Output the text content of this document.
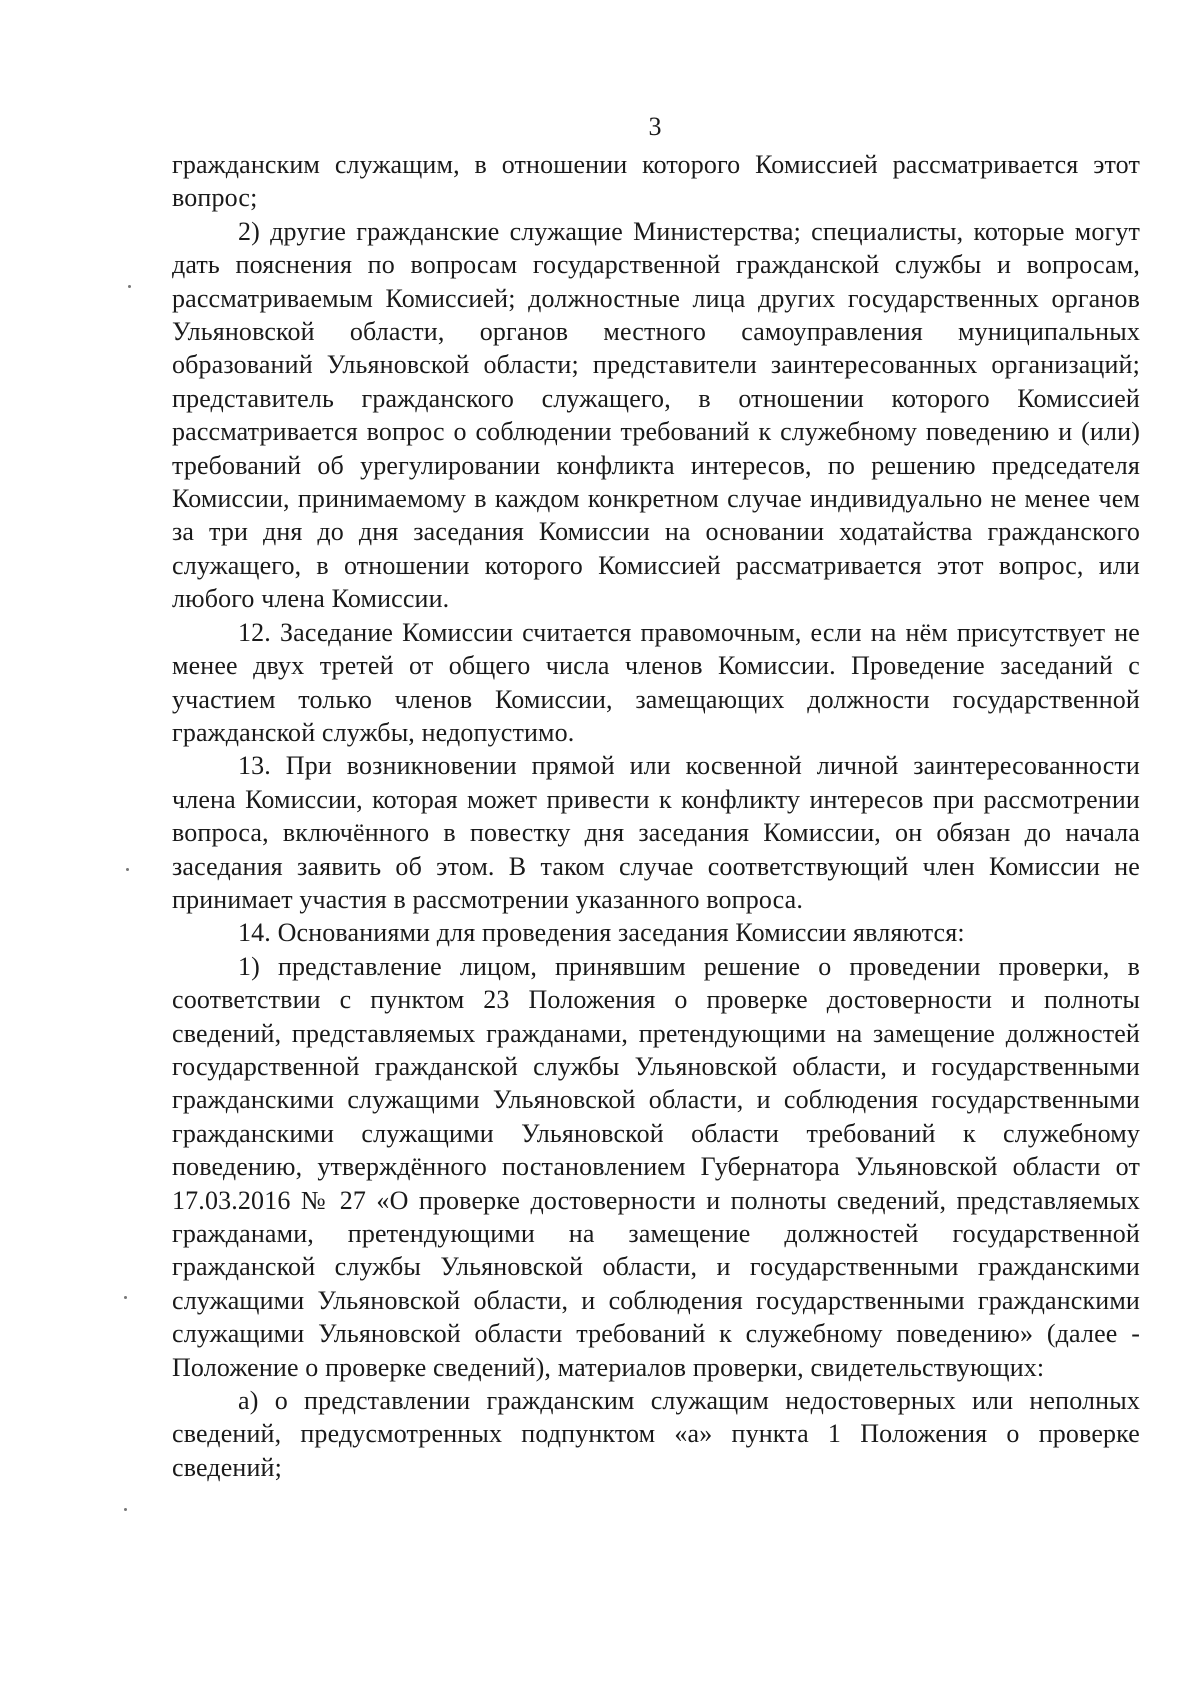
3

гражданским служащим, в отношении которого Комиссией рассматривается этот вопрос;

2) другие гражданские служащие Министерства; специалисты, которые могут дать пояснения по вопросам государственной гражданской службы и вопросам, рассматриваемым Комиссией; должностные лица других государственных органов Ульяновской области, органов местного самоуправления муниципальных образований Ульяновской области; представители заинтересованных организаций; представитель гражданского служащего, в отношении которого Комиссией рассматривается вопрос о соблюдении требований к служебному поведению и (или) требований об урегулировании конфликта интересов, по решению председателя Комиссии, принимаемому в каждом конкретном случае индивидуально не менее чем за три дня до дня заседания Комиссии на основании ходатайства гражданского служащего, в отношении которого Комиссией рассматривается этот вопрос, или любого члена Комиссии.

12. Заседание Комиссии считается правомочным, если на нём присутствует не менее двух третей от общего числа членов Комиссии. Проведение заседаний с участием только членов Комиссии, замещающих должности государственной гражданской службы, недопустимо.

13. При возникновении прямой или косвенной личной заинтересованности члена Комиссии, которая может привести к конфликту интересов при рассмотрении вопроса, включённого в повестку дня заседания Комиссии, он обязан до начала заседания заявить об этом. В таком случае соответствующий член Комиссии не принимает участия в рассмотрении указанного вопроса.

14. Основаниями для проведения заседания Комиссии являются:

1) представление лицом, принявшим решение о проведении проверки, в соответствии с пунктом 23 Положения о проверке достоверности и полноты сведений, представляемых гражданами, претендующими на замещение должностей государственной гражданской службы Ульяновской области, и государственными гражданскими служащими Ульяновской области, и соблюдения государственными гражданскими служащими Ульяновской области требований к служебному поведению, утверждённого постановлением Губернатора Ульяновской области от 17.03.2016 № 27 «О проверке достоверности и полноты сведений, представляемых гражданами, претендующими на замещение должностей государственной гражданской службы Ульяновской области, и государственными гражданскими служащими Ульяновской области, и соблюдения государственными гражданскими служащими Ульяновской области требований к служебному поведению» (далее - Положение о проверке сведений), материалов проверки, свидетельствующих:

а) о представлении гражданским служащим недостоверных или неполных сведений, предусмотренных подпунктом «а» пункта 1 Положения о проверке сведений;
